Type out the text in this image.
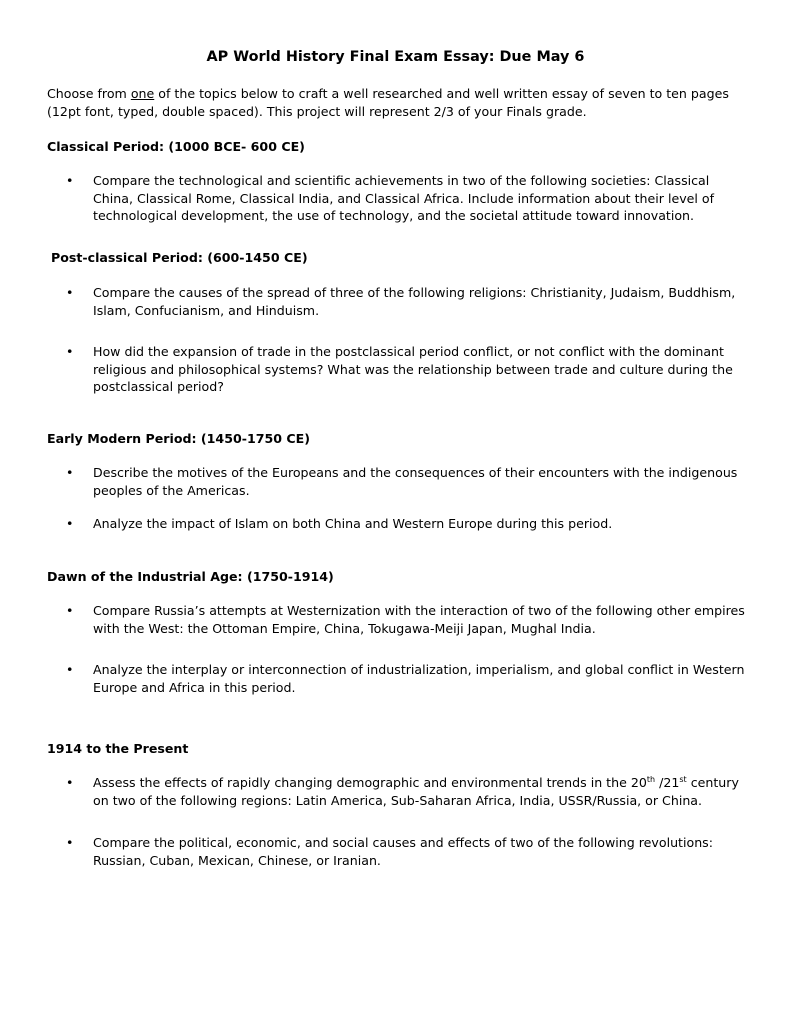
AP World History Final Exam Essay: Due May 6
Choose from one of the topics below to craft a well researched and well written essay of seven to ten pages (12pt font, typed, double spaced). This project will represent 2/3 of your Finals grade.
Classical Period: (1000 BCE- 600 CE)
• Compare the technological and scientific achievements in two of the following societies: Classical China, Classical Rome, Classical India, and Classical Africa. Include information about their level of technological development, the use of technology, and the societal attitude toward innovation.
Post-classical Period: (600-1450 CE)
• Compare the causes of the spread of three of the following religions: Christianity, Judaism, Buddhism, Islam, Confucianism, and Hinduism.
• How did the expansion of trade in the postclassical period conflict, or not conflict with the dominant religious and philosophical systems? What was the relationship between trade and culture during the postclassical period?
Early Modern Period: (1450-1750 CE)
• Describe the motives of the Europeans and the consequences of their encounters with the indigenous peoples of the Americas.
• Analyze the impact of Islam on both China and Western Europe during this period.
Dawn of the Industrial Age: (1750-1914)
• Compare Russia’s attempts at Westernization with the interaction of two of the following other empires with the West: the Ottoman Empire, China, Tokugawa-Meiji Japan, Mughal India.
• Analyze the interplay or interconnection of industrialization, imperialism, and global conflict in Western Europe and Africa in this period.
1914 to the Present
• Assess the effects of rapidly changing demographic and environmental trends in the 20th /21st century on two of the following regions: Latin America, Sub-Saharan Africa, India, USSR/Russia, or China.
• Compare the political, economic, and social causes and effects of two of the following revolutions: Russian, Cuban, Mexican, Chinese, or Iranian.
